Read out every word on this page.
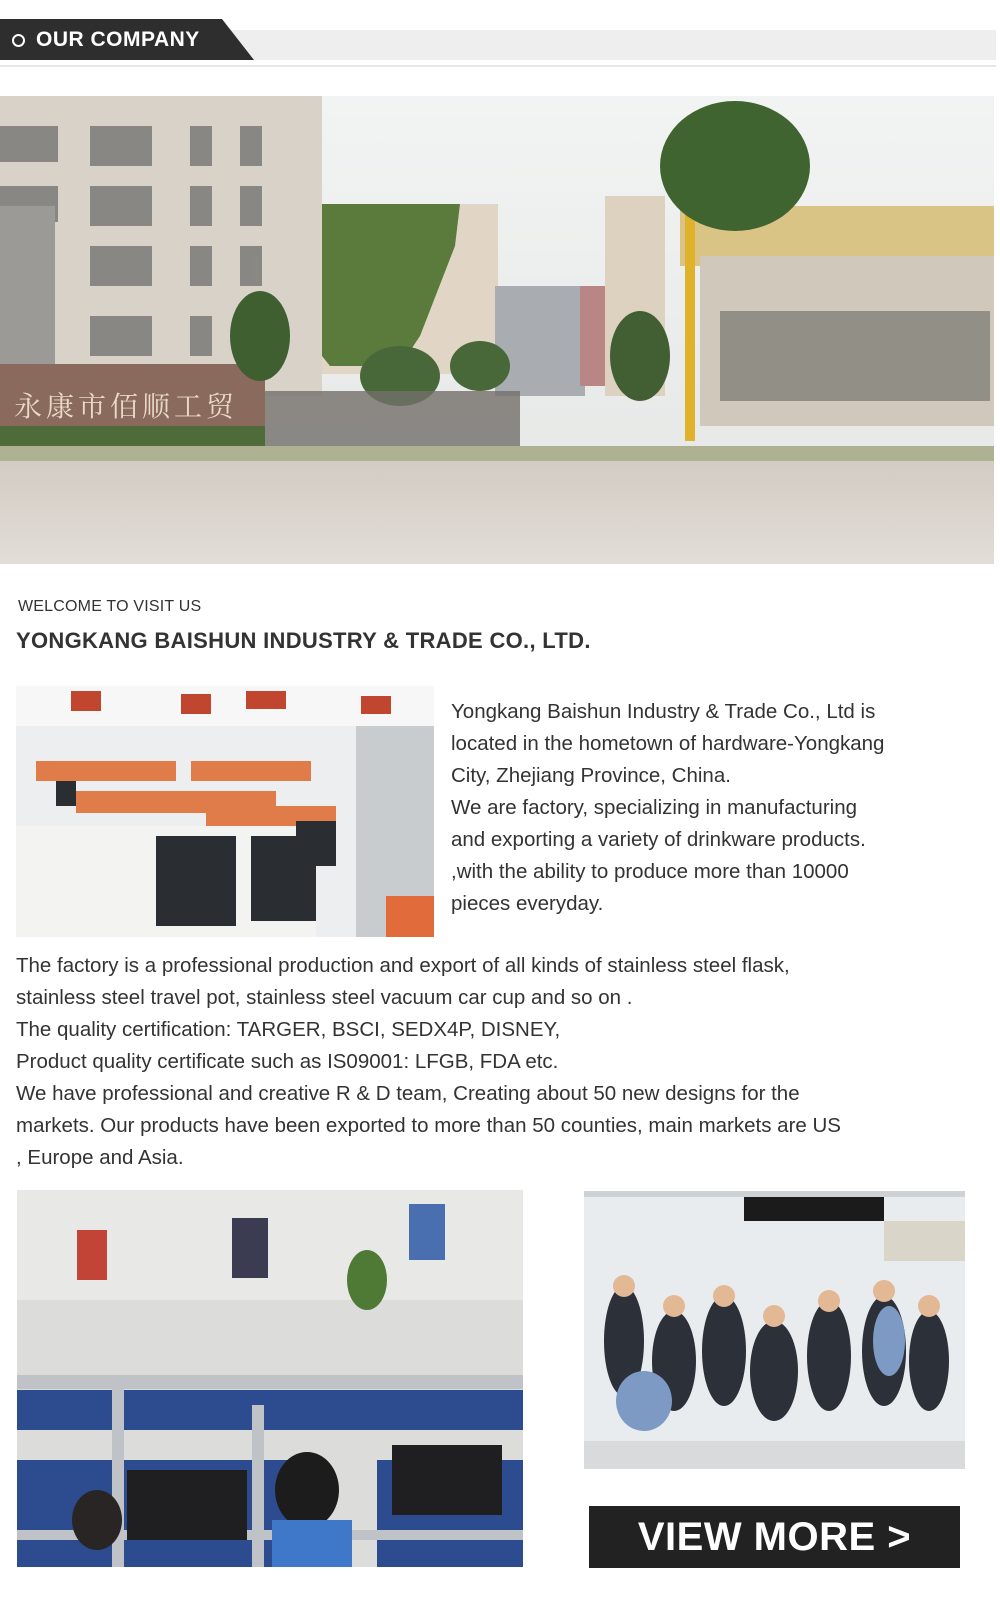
OUR COMPANY
永康市佰顺工贸
WELCOME TO VISIT US
YONGKANG BAISHUN INDUSTRY & TRADE CO., LTD.

Yongkang Baishun Industry & Trade Co., Ltd is

located in the hometown of hardware-Yongkang

City, Zhejiang Province, China.

We are factory, specializing in manufacturing

and exporting a variety of drinkware products.

,with the ability to produce more than 10000

pieces everyday.

The factory is a professional production and export of all kinds of stainless steel flask,

stainless steel travel pot, stainless steel vacuum car cup and so on .

The quality certification: TARGER, BSCI, SEDX4P, DISNEY,

Product quality certificate such as IS09001: LFGB, FDA etc.

We have professional and creative R & D team, Creating about 50 new designs for the

markets. Our products have been exported to more than 50 counties, main markets are US

, Europe and Asia.

VIEW MORE >
